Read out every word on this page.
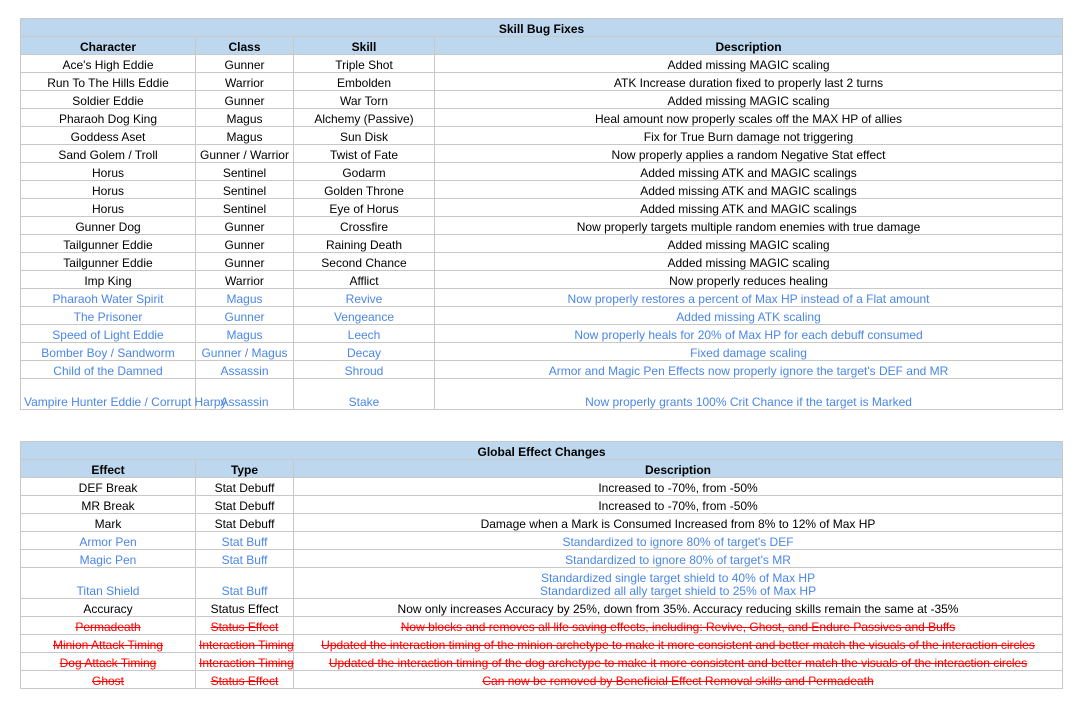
Skill Bug Fixes			
Character	Class	Skill	Description
Ace's High Eddie	Gunner	Triple Shot	Added missing MAGIC scaling
Run To The Hills Eddie	Warrior	Embolden	ATK Increase duration fixed to properly last 2 turns
Soldier Eddie	Gunner	War Torn	Added missing MAGIC scaling
Pharaoh Dog King	Magus	Alchemy (Passive)	Heal amount now properly scales off the MAX HP of allies
Goddess Aset	Magus	Sun Disk	Fix for True Burn damage not triggering
Sand Golem / Troll	Gunner / Warrior	Twist of Fate	Now properly applies a random Negative Stat effect
Horus	Sentinel	Godarm	Added missing ATK and MAGIC scalings
Horus	Sentinel	Golden Throne	Added missing ATK and MAGIC scalings
Horus	Sentinel	Eye of Horus	Added missing ATK and MAGIC scalings
Gunner Dog	Gunner	Crossfire	Now properly targets multiple random enemies with true damage
Tailgunner Eddie	Gunner	Raining Death	Added missing MAGIC scaling
Tailgunner Eddie	Gunner	Second Chance	Added missing MAGIC scaling
Imp King	Warrior	Afflict	Now properly reduces healing
Pharaoh Water Spirit	Magus	Revive	Now properly restores a percent of Max HP instead of a Flat amount
The Prisoner	Gunner	Vengeance	Added missing ATK scaling
Speed of Light Eddie	Magus	Leech	Now properly heals for 20% of Max HP for each debuff consumed
Bomber Boy / Sandworm	Gunner / Magus	Decay	Fixed damage scaling
Child of the Damned	Assassin	Shroud	Armor and Magic Pen Effects now properly ignore the target's DEF and MR
Vampire Hunter Eddie / Corrupt Harpy	Assassin	Stake	Now properly grants 100% Crit Chance if the target is Marked
Global Effect Changes		
Effect	Type	Description
DEF Break	Stat Debuff	Increased to -70%, from -50%
MR Break	Stat Debuff	Increased to -70%, from -50%
Mark	Stat Debuff	Damage when a Mark is Consumed Increased from 8% to 12% of Max HP
Armor Pen	Stat Buff	Standardized to ignore 80% of target's DEF
Magic Pen	Stat Buff	Standardized to ignore 80% of target's MR
Titan Shield	Stat Buff	Standardized single target shield to 40% of Max HP
Standardized all ally target shield to 25% of Max HP

Accuracy	Status Effect	Now only increases Accuracy by 25%, down from 35%. Accuracy reducing skills remain the same at -35%
Permadeath	Status Effect	Now blocks and removes all life saving effects, including: Revive, Ghost, and Endure Passives and Buffs
Minion Attack Timing	Interaction Timing	Updated the interaction timing of the minion archetype to make it more consistent and better match the visuals of the interaction circles
Dog Attack Timing	Interaction Timing	Updated the interaction timing of the dog archetype to make it more consistent and better match the visuals of the interaction circles
Ghost	Status Effect	Can now be removed by Beneficial Effect Removal skills and Permadeath
